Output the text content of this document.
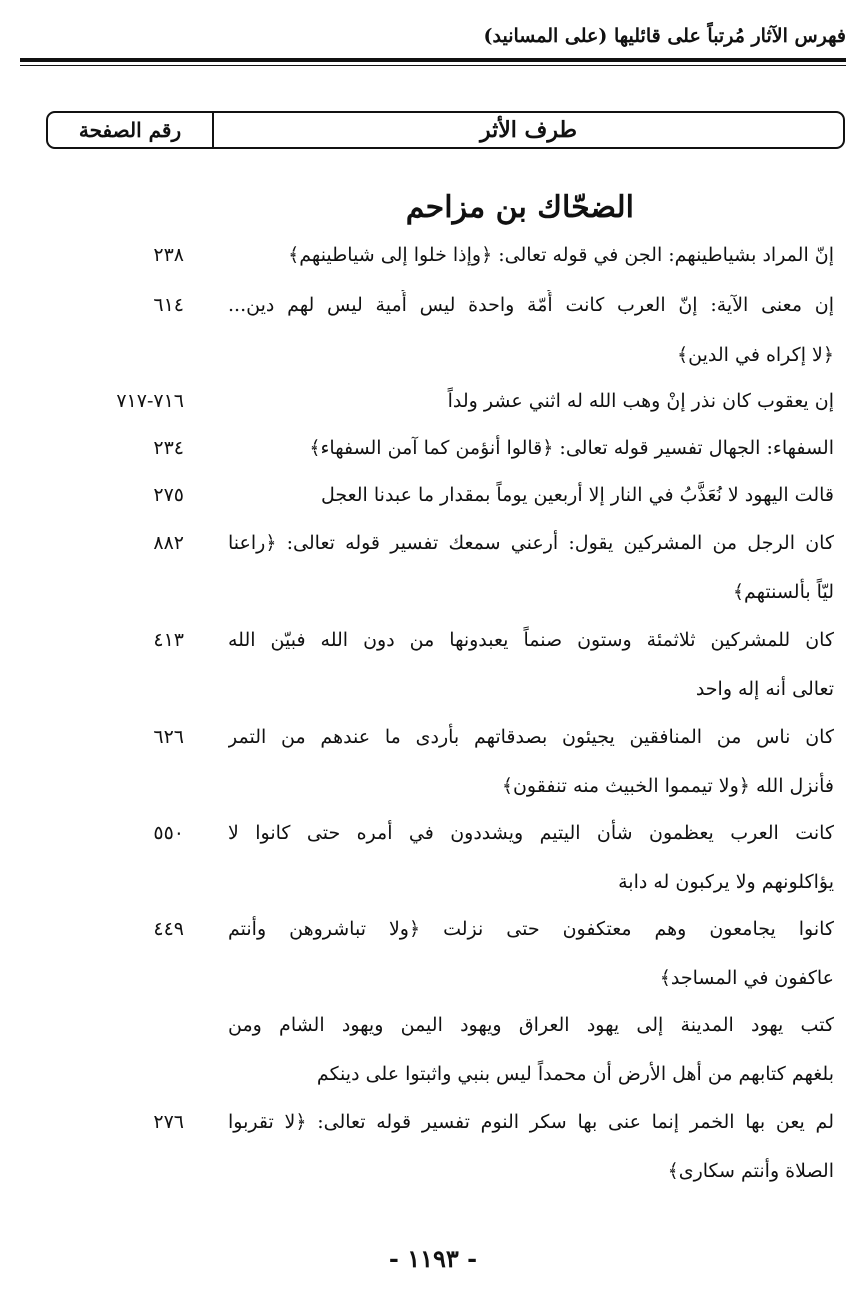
فهرس الآثار مُرتباً على قائليها (على المسانيد)
طرف الأثر
رقم الصفحة
الضحّاك بن مزاحم
إنّ المراد بشياطينهم: الجن في قوله تعالى: ﴿وإذا خلوا إلى شياطينهم﴾
٢٣٨
إن معنى الآية: إنّ العرب كانت أُمّة واحدة ليس أُمية ليس لهم دين...
﴿لا إكراه في الدين﴾
٦١٤
إن يعقوب كان نذر إنْ وهب الله له اثني عشر ولداً
٧١٦-٧١٧
السفهاء: الجهال تفسير قوله تعالى: ﴿قالوا أنؤمن كما آمن السفهاء﴾
٢٣٤
قالت اليهود لا نُعَذَّبُ في النار إلا أربعين يوماً بمقدار ما عبدنا العجل
٢٧٥
كان الرجل من المشركين يقول: أرعني سمعك تفسير قوله تعالى: ﴿راعنا
ليّاً بألسنتهم﴾
٨٨٢
كان للمشركين ثلاثمئة وستون صنماً يعبدونها من دون الله فبيّن الله
تعالى أنه إله واحد
٤١٣
كان ناس من المنافقين يجيئون بصدقاتهم بأردى ما عندهم من التمر
فأنزل الله ﴿ولا تيمموا الخبيث منه تنفقون﴾
٦٢٦
كانت العرب يعظمون شأن اليتيم ويشددون في أمره حتى كانوا لا
يؤاكلونهم ولا يركبون له دابة
٥٥٠
كانوا يجامعون وهم معتكفون حتى نزلت ﴿ولا تباشروهن وأنتم
عاكفون في المساجد﴾
٤٤٩
كتب يهود المدينة إلى يهود العراق ويهود اليمن ويهود الشام ومن
بلغهم كتابهم من أهل الأرض أن محمداً ليس بنبي واثبتوا على دينكم
لم يعن بها الخمر إنما عنى بها سكر النوم تفسير قوله تعالى: ﴿لا تقربوا
الصلاة وأنتم سكارى﴾
٢٧٦
- ١١٩٣ -
